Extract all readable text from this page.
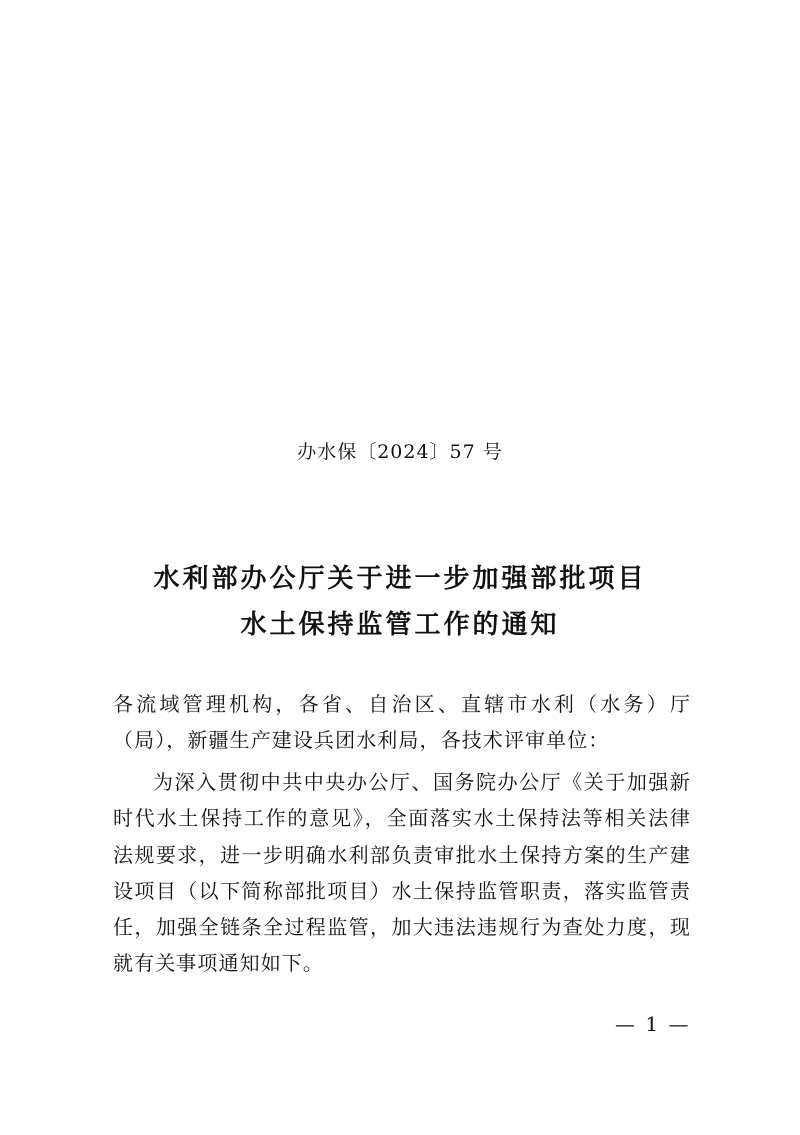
办水保〔2024〕57 号
水利部办公厅关于进一步加强部批项目
水土保持监管工作的通知
各流域管理机构，各省、自治区、直辖市水利（水务）厅（局），新疆生产建设兵团水利局，各技术评审单位：
为深入贯彻中共中央办公厅、国务院办公厅《关于加强新时代水土保持工作的意见》，全面落实水土保持法等相关法律法规要求，进一步明确水利部负责审批水土保持方案的生产建设项目（以下简称部批项目）水土保持监管职责，落实监管责任，加强全链条全过程监管，加大违法违规行为查处力度，现就有关事项通知如下。
— 1 —
